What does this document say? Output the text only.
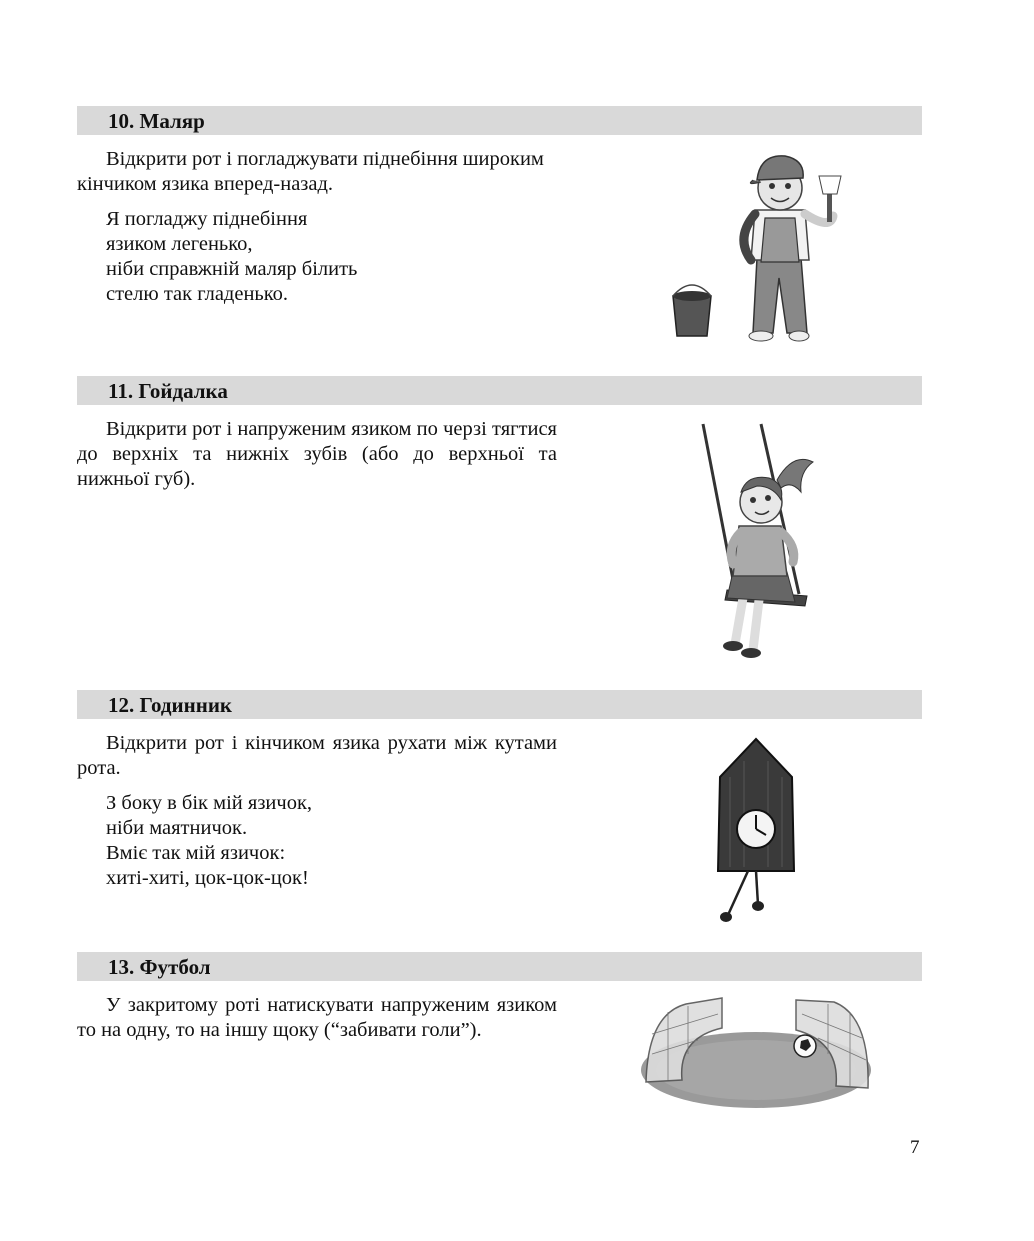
10. Маляр

Відкрити рот і погладжувати піднебіння широким кінчиком язика вперед-назад.

Я погладжу піднебіння
язиком легенько,
ніби справжній маляр білить
стелю так гладенько.

11. Гойдалка

Відкрити рот і напруженим язиком по черзі тягтися до верхніх та нижніх зубів (або до верхньої та нижньої губ).

12. Годинник

Відкрити рот і кінчиком язика рухати між кутами рота.

З боку в бік мій язичок,
ніби маятничок.
Вміє так мій язичок:
хиті-хиті, цок-цок-цок!

13. Футбол

У закритому роті натискувати напруженим язиком то на одну, то на іншу щоку (“забивати голи”).

7
